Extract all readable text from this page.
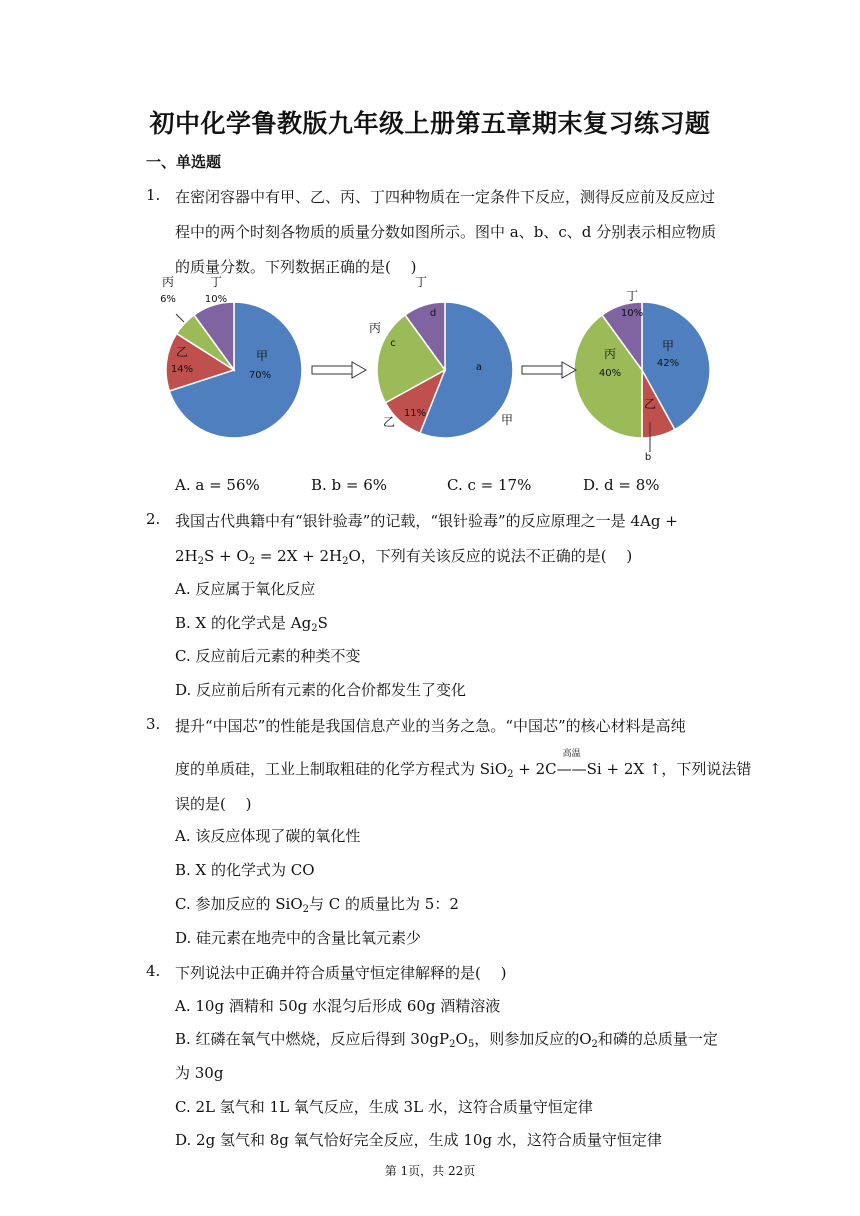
初中化学鲁教版九年级上册第五章期末复习练习题
一、单选题
1. 在密闭容器中有甲、乙、丙、丁四种物质在一定条件下反应，测得反应前及反应过
程中的两个时刻各物质的质量分数如图所示。图中 a、b、c、d 分别表示相应物质
的质量分数。下列数据正确的是(　 )
甲
70%
乙
14%
丙
6%
丁
10%
甲
a
乙
11%
丙
c
丁
d
甲
42%
乙
b
丙
40%
丁
10%
A. a = 56%	B. b = 6%	C. c = 17%	D. d = 8%
2. 我国古代典籍中有“银针验毒”的记载，“银针验毒”的反应原理之一是 4Ag +
$2H_2S + O_2 = 2X + 2H_2O$，下列有关该反应的说法不正确的是(　 )
A. 反应属于氧化反应
B. X 的化学式是 $Ag_2S$
C. 反应前后元素的种类不变
D. 反应前后所有元素的化合价都发生了变化
3. 提升“中国芯”的性能是我国信息产业的当务之急。“中国芯”的核心材料是高纯
度的单质硅，工业上制取粗硅的化学方程式为 SiO$_2$ + 2C
高温
——Si + 2X ↑，下列说法错
误的是(　 )
A. 该反应体现了碳的氧化性
B. X 的化学式为 CO
C. 参加反应的 SiO$_2$与 C 的质量比为 5：2
D. 硅元素在地壳中的含量比氧元素少
4. 下列说法中正确并符合质量守恒定律解释的是(　 )
A. 10g 酒精和 50g 水混匀后形成 60g 酒精溶液
B. 红磷在氧气中燃烧，反应后得到 $30gP_2O_5$，则参加反应的$O_2$和磷的总质量一定
为 30g
C. 2L 氢气和 1L 氧气反应，生成 3L 水，这符合质量守恒定律
D. 2g 氢气和 8g 氧气恰好完全反应，生成 10g 水，这符合质量守恒定律
第 1页，共 22页
